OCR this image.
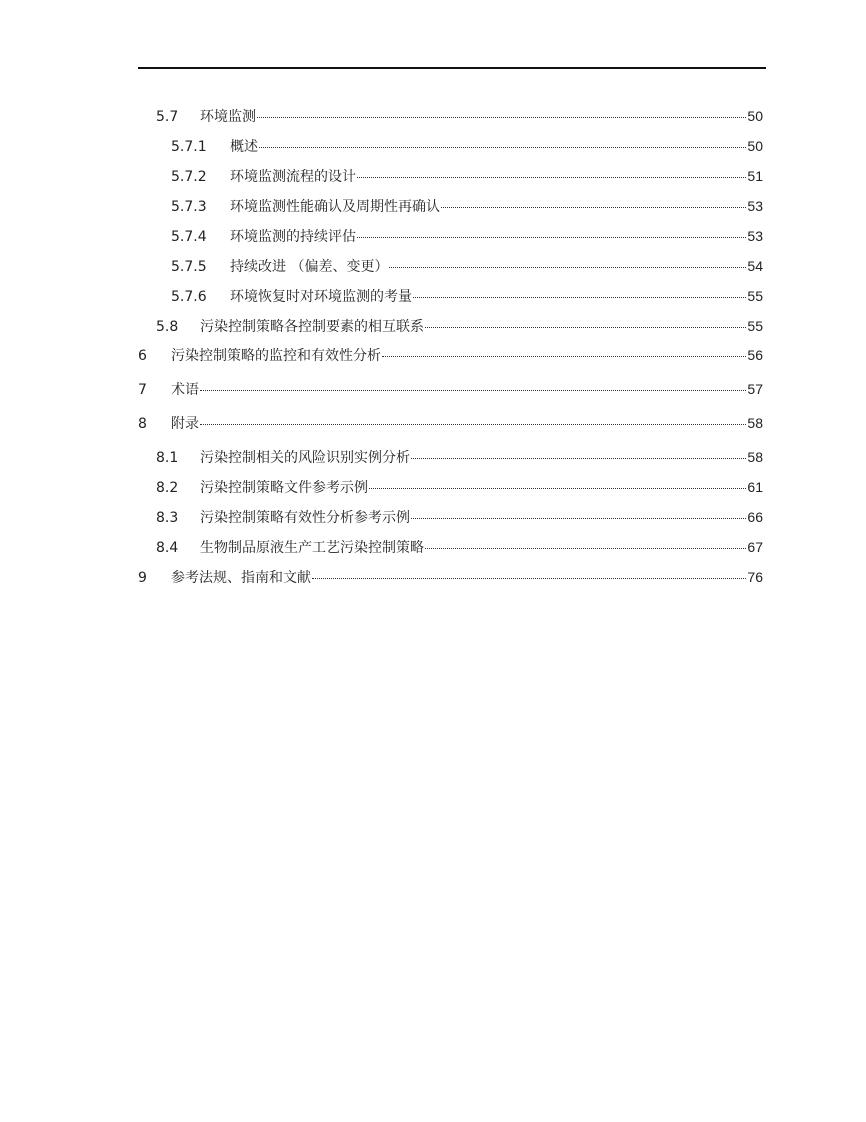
5.7	环境监测	50
5.7.1	概述	50
5.7.2	环境监测流程的设计	51
5.7.3	环境监测性能确认及周期性再确认	53
5.7.4	环境监测的持续评估	53
5.7.5	持续改进 （偏差、变更）	54
5.7.6	环境恢复时对环境监测的考量	55
5.8	污染控制策略各控制要素的相互联系	55
6	污染控制策略的监控和有效性分析	56
7	术语	57
8	附录	58
8.1	污染控制相关的风险识别实例分析	58
8.2	污染控制策略文件参考示例	61
8.3	污染控制策略有效性分析参考示例	66
8.4	生物制品原液生产工艺污染控制策略	67
9	参考法规、指南和文献	76
